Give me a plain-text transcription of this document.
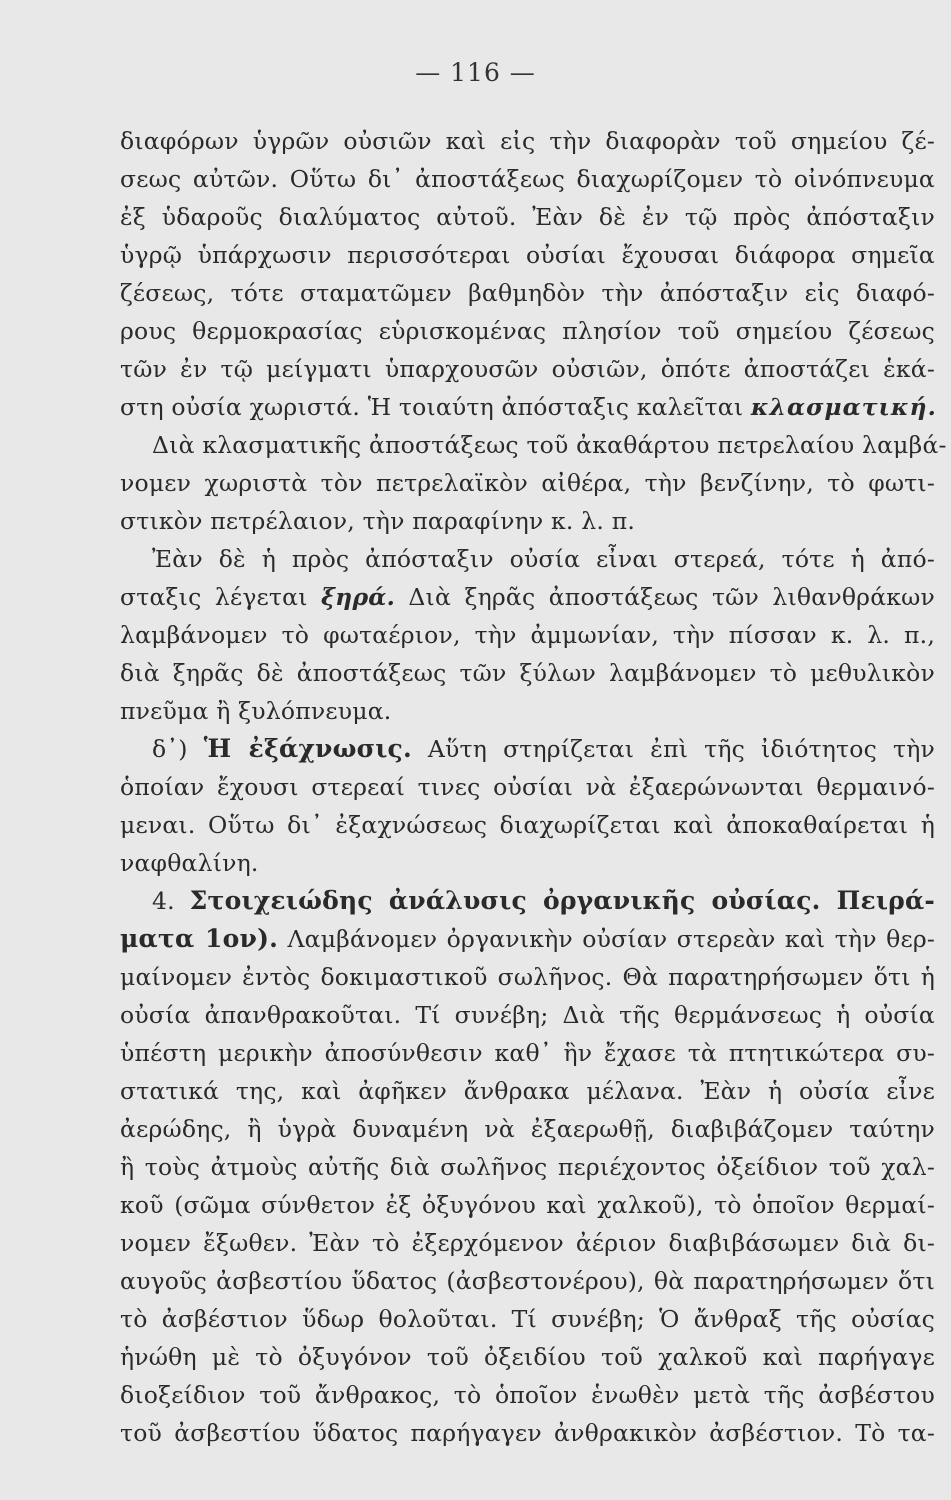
— 116 —
διαφόρων ὑγρῶν οὐσιῶν καὶ εἰς τὴν διαφορὰν τοῦ σημείου ζέ-
σεως αὐτῶν. Οὕτω δι᾿ ἀποστάξεως διαχωρίζομεν τὸ οἰνόπνευμα
ἐξ ὑδαροῦς διαλύματος αὐτοῦ. Ἐὰν δὲ ἐν τῷ πρὸς ἀπόσταξιν
ὑγρῷ ὑπάρχωσιν περισσότεραι οὐσίαι ἔχουσαι διάφορα σημεῖα
ζέσεως, τότε σταματῶμεν βαθμηδὸν τὴν ἀπόσταξιν εἰς διαφό-
ρους θερμοκρασίας εὑρισκομένας πλησίον τοῦ σημείου ζέσεως
τῶν ἐν τῷ μείγματι ὑπαρχουσῶν οὐσιῶν, ὁπότε ἀποστάζει ἑκά-
στη οὐσία χωριστά. Ἡ τοιαύτη ἀπόσταξις καλεῖται κλασματική.
Διὰ κλασματικῆς ἀποστάξεως τοῦ ἀκαθάρτου πετρελαίου λαμβά-
νομεν χωριστὰ τὸν πετρελαϊκὸν αἰθέρα, τὴν βενζίνην, τὸ φωτι-
στικὸν πετρέλαιον, τὴν παραφίνην κ. λ. π.
Ἐὰν δὲ ἡ πρὸς ἀπόσταξιν οὐσία εἶναι στερεά, τότε ἡ ἀπό-
σταξις λέγεται ξηρά. Διὰ ξηρᾶς ἀποστάξεως τῶν λιθανθράκων
λαμβάνομεν τὸ φωταέριον, τὴν ἀμμωνίαν, τὴν πίσσαν κ. λ. π.,
διὰ ξηρᾶς δὲ ἀποστάξεως τῶν ξύλων λαμβάνομεν τὸ μεθυλικὸν
πνεῦμα ἢ ξυλόπνευμα.
δ᾿) Ἡ ἐξάχνωσις. Αὕτη στηρίζεται ἐπὶ τῆς ἰδιότητος τὴν
ὁποίαν ἔχουσι στερεαί τινες οὐσίαι νὰ ἐξαερώνωνται θερμαινό-
μεναι. Οὕτω δι᾿ ἐξαχνώσεως διαχωρίζεται καὶ ἀποκαθαίρεται ἡ
ναφθαλίνη.
4. Στοιχειώδης ἀνάλυσις ὀργανικῆς οὐσίας. Πειρά-
ματα 1ον). Λαμβάνομεν ὀργανικὴν οὐσίαν στερεὰν καὶ τὴν θερ-
μαίνομεν ἐντὸς δοκιμαστικοῦ σωλῆνος. Θὰ παρατηρήσωμεν ὅτι ἡ
οὐσία ἀπανθρακοῦται. Τί συνέβη; Διὰ τῆς θερμάνσεως ἡ οὐσία
ὑπέστη μερικὴν ἀποσύνθεσιν καθ᾿ ἣν ἔχασε τὰ πτητικώτερα συ-
στατικά της, καὶ ἀφῆκεν ἄνθρακα μέλανα. Ἐὰν ἡ οὐσία εἶνε
ἀερώδης, ἢ ὑγρὰ δυναμένη νὰ ἐξαερωθῇ, διαβιβάζομεν ταύτην
ἢ τοὺς ἀτμοὺς αὐτῆς διὰ σωλῆνος περιέχοντος ὀξείδιον τοῦ χαλ-
κοῦ (σῶμα σύνθετον ἐξ ὀξυγόνου καὶ χαλκοῦ), τὸ ὁποῖον θερμαί-
νομεν ἔξωθεν. Ἐὰν τὸ ἐξερχόμενον ἀέριον διαβιβάσωμεν διὰ δι-
αυγοῦς ἀσβεστίου ὕδατος (ἀσβεστονέρου), θὰ παρατηρήσωμεν ὅτι
τὸ ἀσβέστιον ὕδωρ θολοῦται. Τί συνέβη; Ὁ ἄνθραξ τῆς οὐσίας
ἡνώθη μὲ τὸ ὀξυγόνον τοῦ ὀξειδίου τοῦ χαλκοῦ καὶ παρήγαγε
διοξείδιον τοῦ ἄνθρακος, τὸ ὁποῖον ἑνωθὲν μετὰ τῆς ἀσβέστου
τοῦ ἀσβεστίου ὕδατος παρήγαγεν ἀνθρακικὸν ἀσβέστιον. Τὸ τα-
